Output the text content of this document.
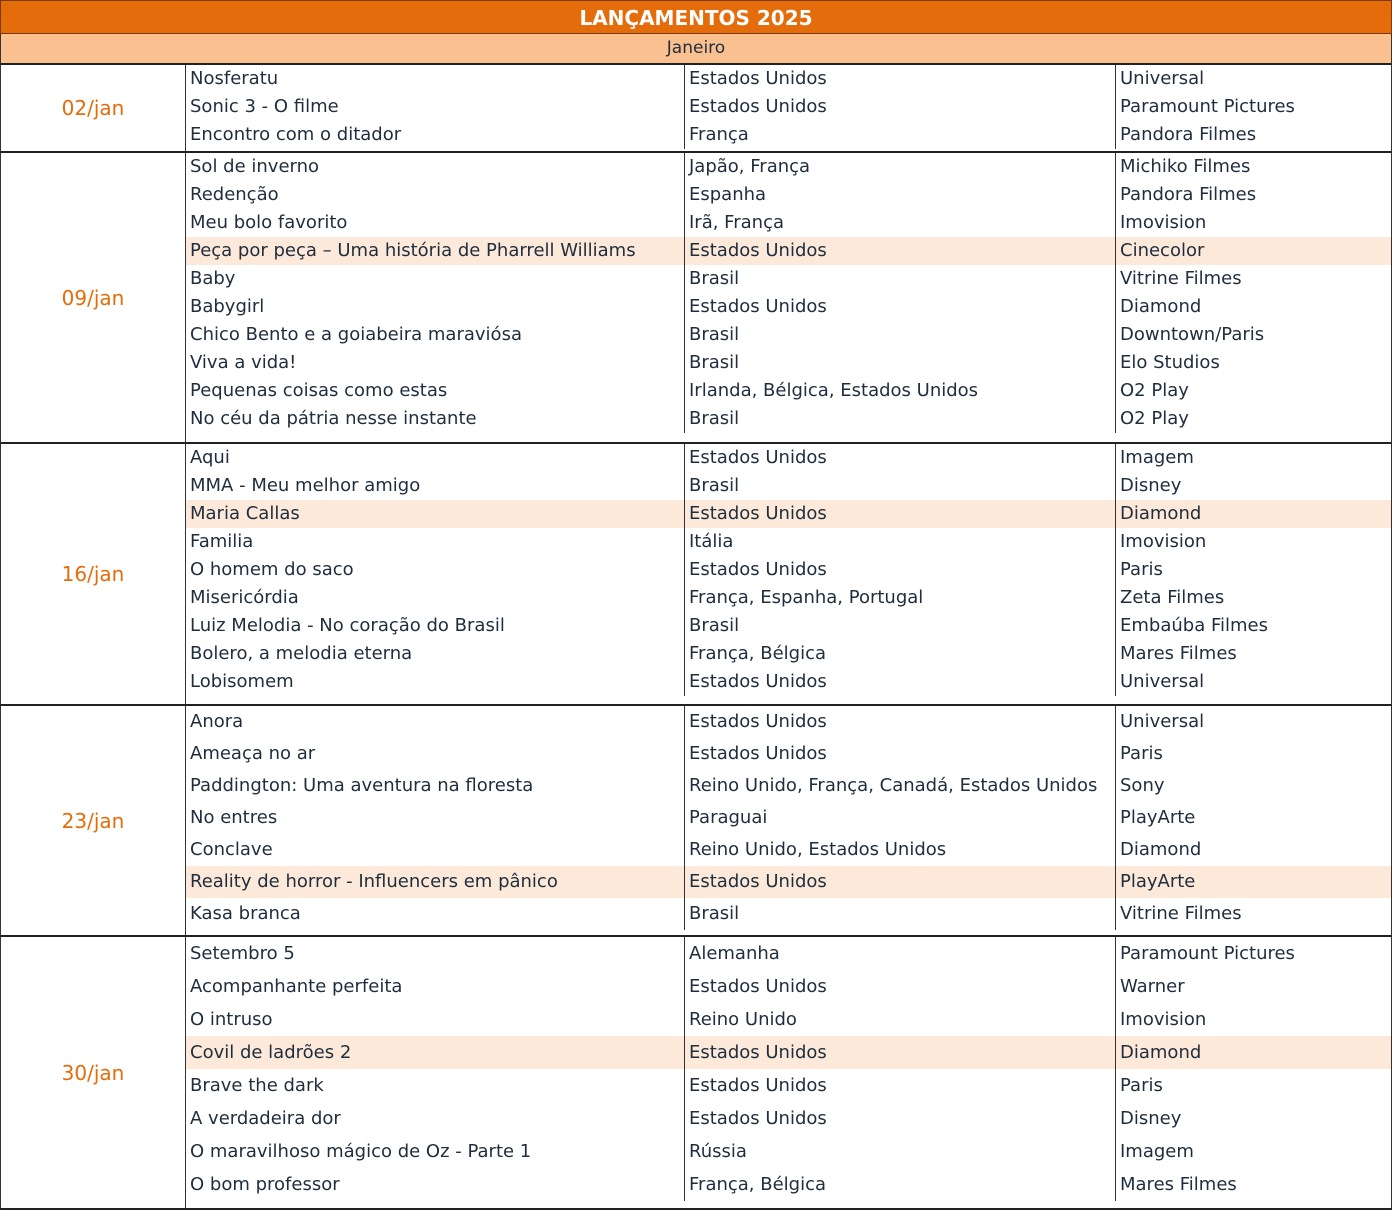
LANÇAMENTOS 2025
Janeiro
02/jan
Nosferatu	Estados Unidos	Universal
Sonic 3 - O filme	Estados Unidos	Paramount Pictures
Encontro com o ditador	França	Pandora Filmes
09/jan
Sol de inverno	Japão, França	Michiko Filmes
Redenção	Espanha	Pandora Filmes
Meu bolo favorito	Irã, França	Imovision
Peça por peça – Uma história de Pharrell Williams	Estados Unidos	Cinecolor
Baby	Brasil	Vitrine Filmes
Babygirl	Estados Unidos	Diamond
Chico Bento e a goiabeira maraviósa	Brasil	Downtown/Paris
Viva a vida!	Brasil	Elo Studios
Pequenas coisas como estas	Irlanda, Bélgica, Estados Unidos	O2 Play
No céu da pátria nesse instante	Brasil	O2 Play
16/jan
Aqui	Estados Unidos	Imagem
MMA - Meu melhor amigo	Brasil	Disney
Maria Callas	Estados Unidos	Diamond
Familia	Itália	Imovision
O homem do saco	Estados Unidos	Paris
Misericórdia	França, Espanha, Portugal	Zeta Filmes
Luiz Melodia - No coração do Brasil	Brasil	Embaúba Filmes
Bolero, a melodia eterna	França, Bélgica	Mares Filmes
Lobisomem	Estados Unidos	Universal
23/jan
Anora	Estados Unidos	Universal
Ameaça no ar	Estados Unidos	Paris
Paddington: Uma aventura na floresta	Reino Unido, França, Canadá, Estados Unidos	Sony
No entres	Paraguai	PlayArte
Conclave	Reino Unido, Estados Unidos	Diamond
Reality de horror - Influencers em pânico	Estados Unidos	PlayArte
Kasa branca	Brasil	Vitrine Filmes
30/jan
Setembro 5	Alemanha	Paramount Pictures
Acompanhante perfeita	Estados Unidos	Warner
O intruso	Reino Unido	Imovision
Covil de ladrões 2	Estados Unidos	Diamond
Brave the dark	Estados Unidos	Paris
A verdadeira dor	Estados Unidos	Disney
O maravilhoso mágico de Oz - Parte 1	Rússia	Imagem
O bom professor	França, Bélgica	Mares Filmes
